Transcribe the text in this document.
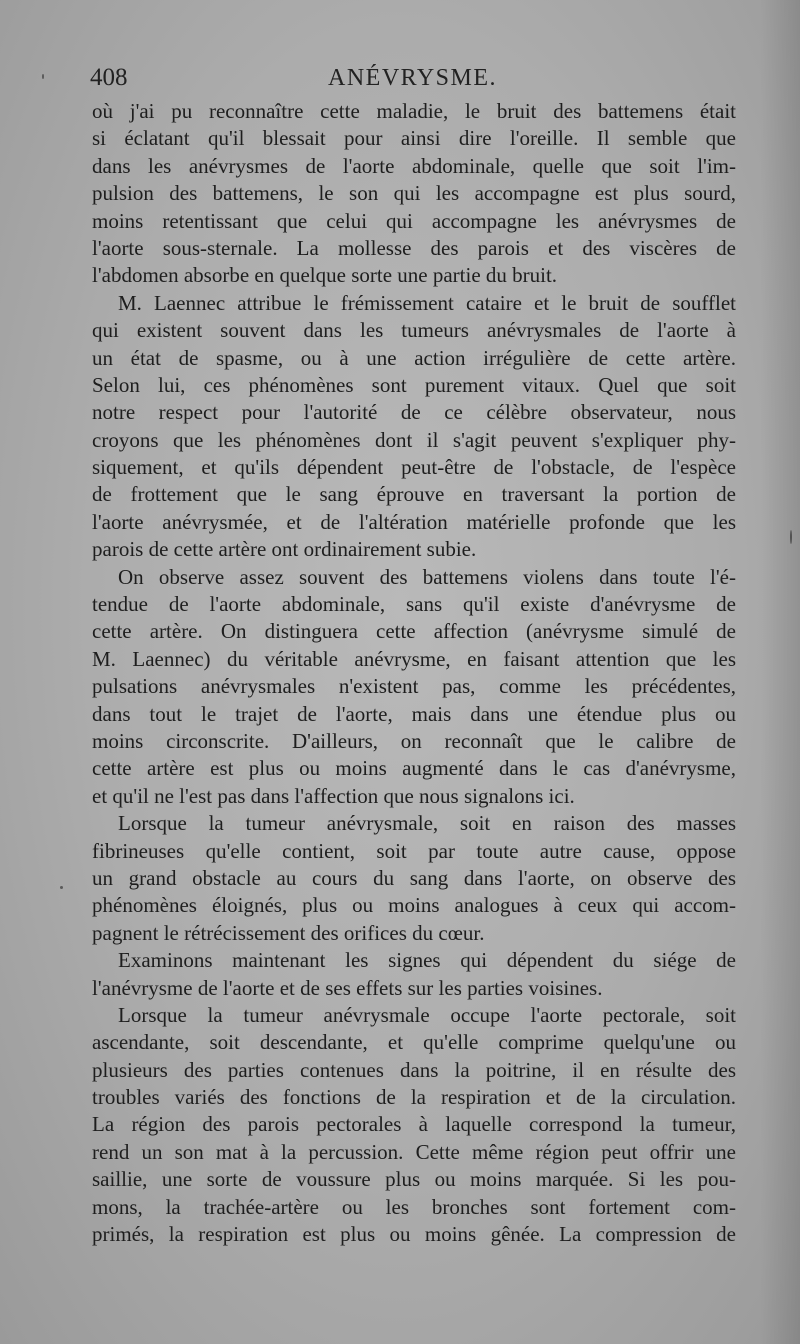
408	ANÉVRYSME.
où j'ai pu reconnaître cette maladie, le bruit des battemens était
si éclatant qu'il blessait pour ainsi dire l'oreille. Il semble que
dans les anévrysmes de l'aorte abdominale, quelle que soit l'im-
pulsion des battemens, le son qui les accompagne est plus sourd,
moins retentissant que celui qui accompagne les anévrysmes de
l'aorte sous-sternale. La mollesse des parois et des viscères de
l'abdomen absorbe en quelque sorte une partie du bruit.
M. Laennec attribue le frémissement cataire et le bruit de soufflet
qui existent souvent dans les tumeurs anévrysmales de l'aorte à
un état de spasme, ou à une action irrégulière de cette artère.
Selon lui, ces phénomènes sont purement vitaux. Quel que soit
notre respect pour l'autorité de ce célèbre observateur, nous
croyons que les phénomènes dont il s'agit peuvent s'expliquer phy-
siquement, et qu'ils dépendent peut-être de l'obstacle, de l'espèce
de frottement que le sang éprouve en traversant la portion de
l'aorte anévrysmée, et de l'altération matérielle profonde que les
parois de cette artère ont ordinairement subie.
On observe assez souvent des battemens violens dans toute l'é-
tendue de l'aorte abdominale, sans qu'il existe d'anévrysme de
cette artère. On distinguera cette affection (anévrysme simulé de
M. Laennec) du véritable anévrysme, en faisant attention que les
pulsations anévrysmales n'existent pas, comme les précédentes,
dans tout le trajet de l'aorte, mais dans une étendue plus ou
moins circonscrite. D'ailleurs, on reconnaît que le calibre de
cette artère est plus ou moins augmenté dans le cas d'anévrysme,
et qu'il ne l'est pas dans l'affection que nous signalons ici.
Lorsque la tumeur anévrysmale, soit en raison des masses
fibrineuses qu'elle contient, soit par toute autre cause, oppose
un grand obstacle au cours du sang dans l'aorte, on observe des
phénomènes éloignés, plus ou moins analogues à ceux qui accom-
pagnent le rétrécissement des orifices du cœur.
Examinons maintenant les signes qui dépendent du siége de
l'anévrysme de l'aorte et de ses effets sur les parties voisines.
Lorsque la tumeur anévrysmale occupe l'aorte pectorale, soit
ascendante, soit descendante, et qu'elle comprime quelqu'une ou
plusieurs des parties contenues dans la poitrine, il en résulte des
troubles variés des fonctions de la respiration et de la circulation.
La région des parois pectorales à laquelle correspond la tumeur,
rend un son mat à la percussion. Cette même région peut offrir une
saillie, une sorte de voussure plus ou moins marquée. Si les pou-
mons, la trachée-artère ou les bronches sont fortement com-
primés, la respiration est plus ou moins gênée. La compression de
